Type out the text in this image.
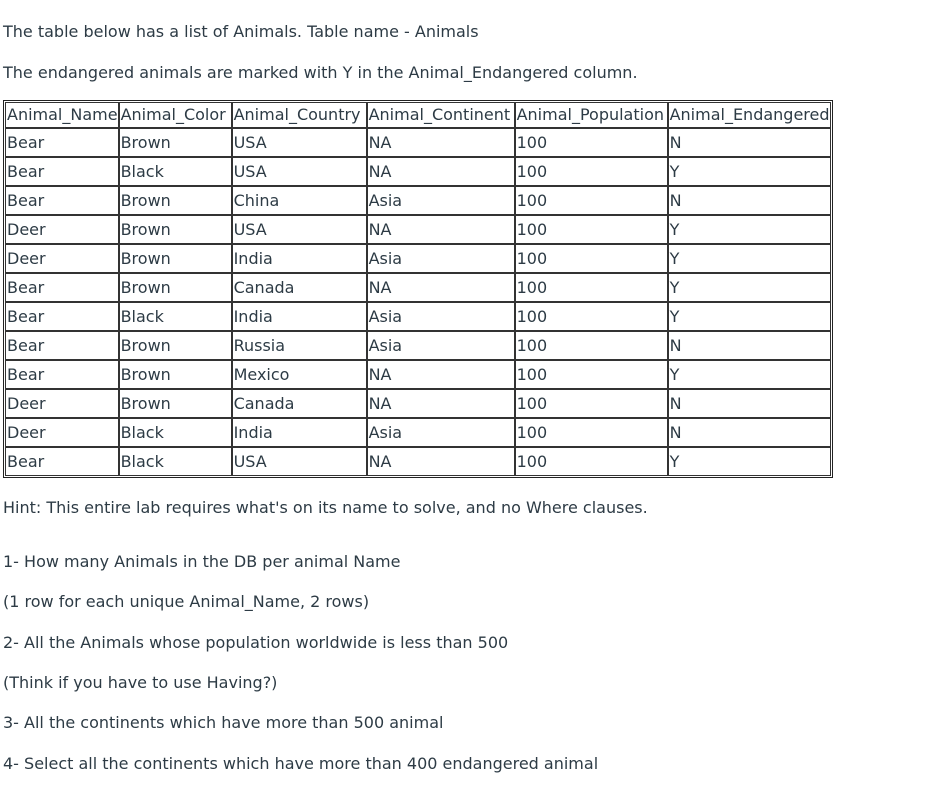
The table below has a list of Animals. Table name - Animals

The endangered animals are marked with Y in the Animal_Endangered column.

Animal_Name	Animal_Color	Animal_Country	Animal_Continent	Animal_Population	Animal_Endangered
Bear	Brown	USA	NA	100	N
Bear	Black	USA	NA	100	Y
Bear	Brown	China	Asia	100	N
Deer	Brown	USA	NA	100	Y
Deer	Brown	India	Asia	100	Y
Bear	Brown	Canada	NA	100	Y
Bear	Black	India	Asia	100	Y
Bear	Brown	Russia	Asia	100	N
Bear	Brown	Mexico	NA	100	Y
Deer	Brown	Canada	NA	100	N
Deer	Black	India	Asia	100	N
Bear	Black	USA	NA	100	Y

Hint: This entire lab requires what's on its name to solve, and no Where clauses.

1- How many Animals in the DB per animal Name

(1 row for each unique Animal_Name, 2 rows)

2- All the Animals whose population worldwide is less than 500

(Think if you have to use Having?)

3- All the continents which have more than 500 animal

4- Select all the continents which have more than 400 endangered animal
